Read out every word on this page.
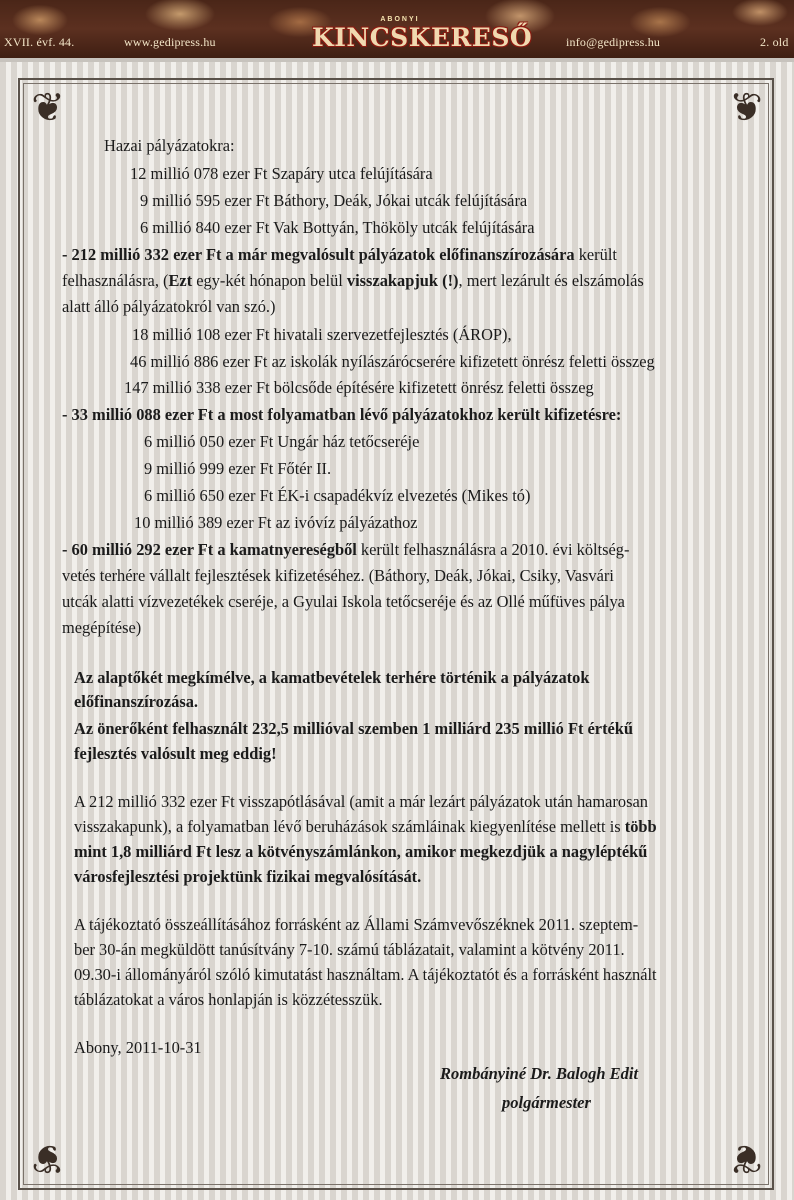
XVII. évf. 44.	www.gedipress.hu
ABONYI
KINCSKERESŐ	info@gedipress.hu	2. old
❦	❦
❦	❦
Hazai pályázatokra:
12 millió 078 ezer Ft Szapáry utca felújítására
9 millió 595 ezer Ft Báthory, Deák, Jókai utcák felújítására
6 millió 840 ezer Ft Vak Bottyán, Thököly utcák felújítására
- 212 millió 332 ezer Ft a már megvalósult pályázatok előfinanszírozására került
felhasználásra, (Ezt egy-két hónapon belül visszakapjuk (!), mert lezárult és elszámolás
alatt álló pályázatokról van szó.)
18 millió 108 ezer Ft hivatali szervezetfejlesztés (ÁROP),
46 millió 886 ezer Ft az iskolák nyílászárócserére kifizetett önrész feletti összeg
147 millió 338 ezer Ft bölcsőde építésére kifizetett önrész feletti összeg
- 33 millió 088 ezer Ft a most folyamatban lévő pályázatokhoz került kifizetésre:
6 millió 050 ezer Ft Ungár ház tetőcseréje
9 millió 999 ezer Ft Főtér II.
6 millió 650 ezer Ft ÉK-i csapadékvíz elvezetés (Mikes tó)
10 millió 389 ezer Ft az ivóvíz pályázathoz
- 60 millió 292 ezer Ft a kamatnyereségből került felhasználásra a 2010. évi költség-
vetés terhére vállalt fejlesztések kifizetéséhez. (Báthory, Deák, Jókai, Csiky, Vasvári
utcák alatti vízvezetékek cseréje, a Gyulai Iskola tetőcseréje és az Ollé műfüves pálya
megépítése)
Az alaptőkét megkímélve, a kamatbevételek terhére történik a pályázatok
előfinanszírozása.
Az önerőként felhasznált 232,5 millióval szemben 1 milliárd 235 millió Ft értékű
fejlesztés valósult meg eddig!
A 212 millió 332 ezer Ft visszapótlásával (amit a már lezárt pályázatok után hamarosan
visszakapunk), a folyamatban lévő beruházások számláinak kiegyenlítése mellett is több
mint 1,8 milliárd Ft lesz a kötvényszámlánkon, amikor megkezdjük a nagyléptékű
városfejlesztési projektünk fizikai megvalósítását.
A tájékoztató összeállításához forrásként az Állami Számvevőszéknek 2011. szeptem-
ber 30-án megküldött tanúsítvány 7-10. számú táblázatait, valamint a kötvény 2011.
09.30-i állományáról szóló kimutatást használtam. A tájékoztatót és a forrásként használt
táblázatokat a város honlapján is közzétesszük.
Abony, 2011-10-31
Rombányiné Dr. Balogh Edit
polgármester
